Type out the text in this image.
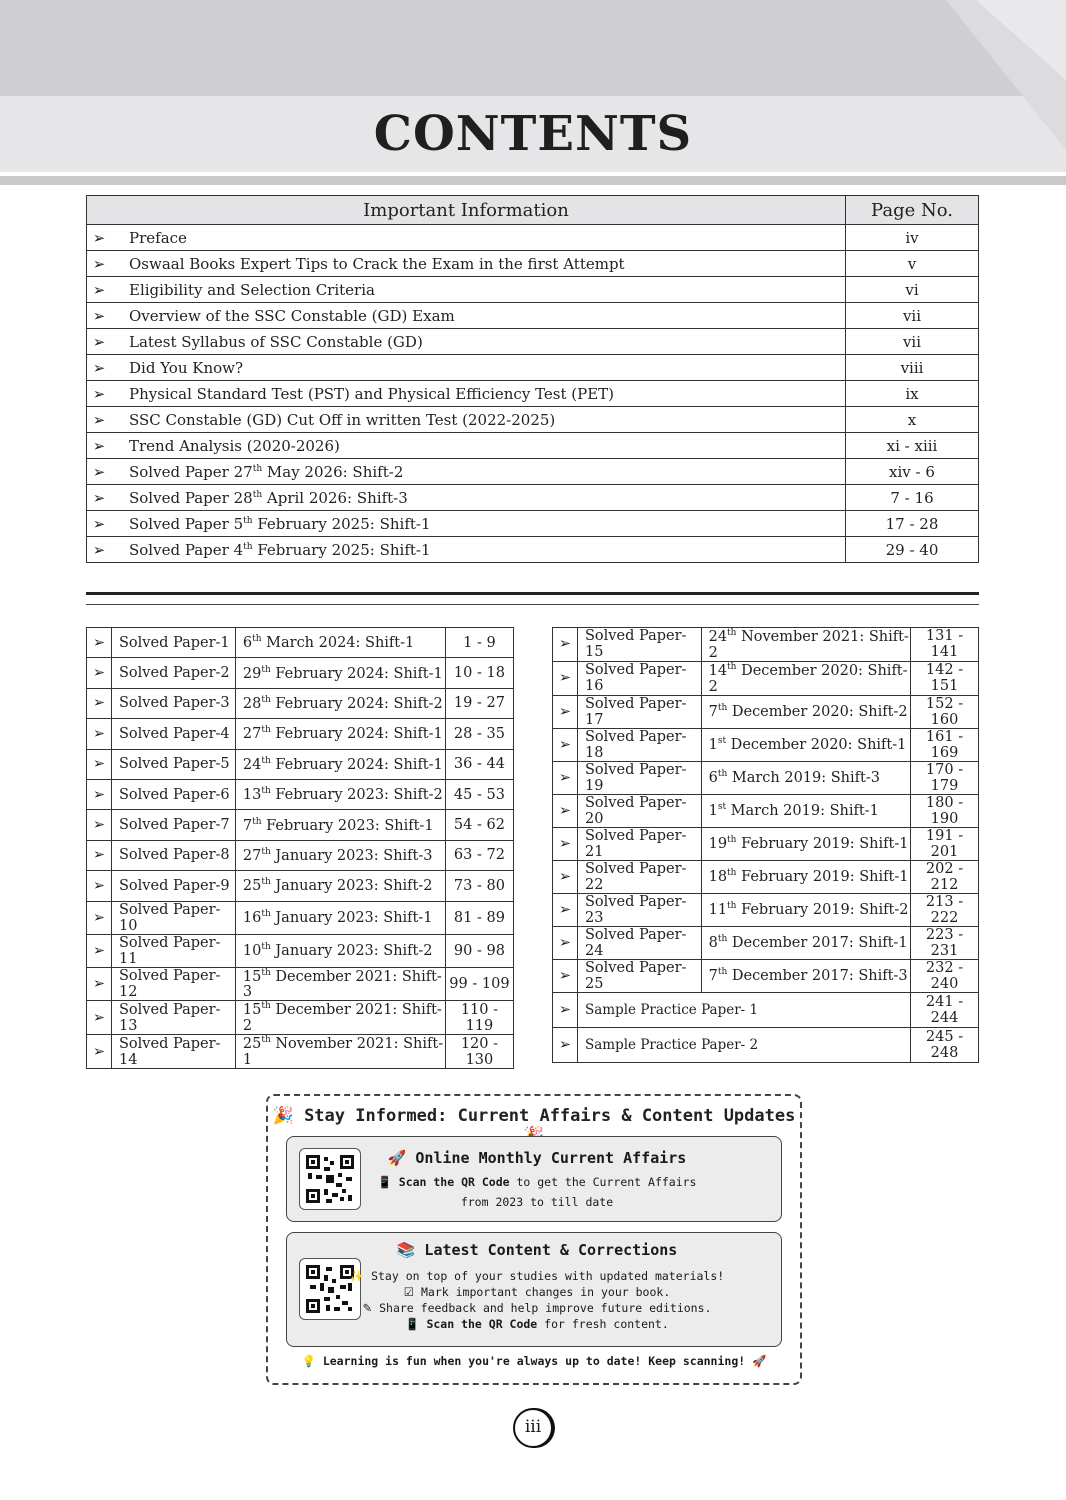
CONTENTS
Important Information		Page No.
➢	Preface	iv
➢	Oswaal Books Expert Tips to Crack the Exam in the first Attempt	v
➢	Eligibility and Selection Criteria	vi
➢	Overview of the SSC Constable (GD) Exam	vii
➢	Latest Syllabus of SSC Constable (GD)	vii
➢	Did You Know?	viii
➢	Physical Standard Test (PST) and Physical Efficiency Test (PET)	ix
➢	SSC Constable (GD) Cut Off in written Test (2022-2025)	x
➢	Trend Analysis (2020-2026)	xi - xiii
➢	Solved Paper 27th May 2026: Shift-2	xiv - 6
➢	Solved Paper 28th April 2026: Shift-3	7 - 16
➢	Solved Paper 5th February 2025: Shift-1	17 - 28
➢	Solved Paper 4th February 2025: Shift-1	29 - 40
➢	Solved Paper-1	6th March 2024: Shift-1	1 - 9
➢	Solved Paper-2	29th February 2024: Shift-1	10 - 18
➢	Solved Paper-3	28th February 2024: Shift-2	19 - 27
➢	Solved Paper-4	27th February 2024: Shift-1	28 - 35
➢	Solved Paper-5	24th February 2024: Shift-1	36 - 44
➢	Solved Paper-6	13th February 2023: Shift-2	45 - 53
➢	Solved Paper-7	7th February 2023: Shift-1	54 - 62
➢	Solved Paper-8	27th January 2023: Shift-3	63 - 72
➢	Solved Paper-9	25th January 2023: Shift-2	73 - 80
➢	Solved Paper-10	16th January 2023: Shift-1	81 - 89
➢	Solved Paper-11	10th January 2023: Shift-2	90 - 98
➢	Solved Paper-12	15th December 2021: Shift-3	99 - 109
➢	Solved Paper-13	15th December 2021: Shift-2	110 - 119
➢	Solved Paper-14	25th November 2021: Shift-1	120 - 130
➢	Solved Paper-15	24th November 2021: Shift-2	131 - 141
➢	Solved Paper-16	14th December 2020: Shift-2	142 - 151
➢	Solved Paper-17	7th December 2020: Shift-2	152 - 160
➢	Solved Paper-18	1st December 2020: Shift-1	161 - 169
➢	Solved Paper-19	6th March 2019: Shift-3	170 - 179
➢	Solved Paper-20	1st March 2019: Shift-1	180 - 190
➢	Solved Paper-21	19th February 2019: Shift-1	191 - 201
➢	Solved Paper-22	18th February 2019: Shift-1	202 - 212
➢	Solved Paper-23	11th February 2019: Shift-2	213 - 222
➢	Solved Paper-24	8th December 2017: Shift-1	223 - 231
➢	Solved Paper-25	7th December 2017: Shift-3	232 - 240
➢	Sample Practice Paper- 1		241 - 244
➢	Sample Practice Paper- 2		245 - 248
🎉 Stay Informed: Current Affairs & Content Updates
🚀 Online Monthly Current Affairs
📱 Scan the QR Code to get the Current Affairs
from 2023 to till date
📚 Latest Content & Corrections
✨ Stay on top of your studies with updated materials!
☑ Mark important changes in your book.
✎ Share feedback and help improve future editions.
📱 Scan the QR Code for fresh content.
💡 Learning is fun when you're always up to date! Keep scanning! 🚀
iii
